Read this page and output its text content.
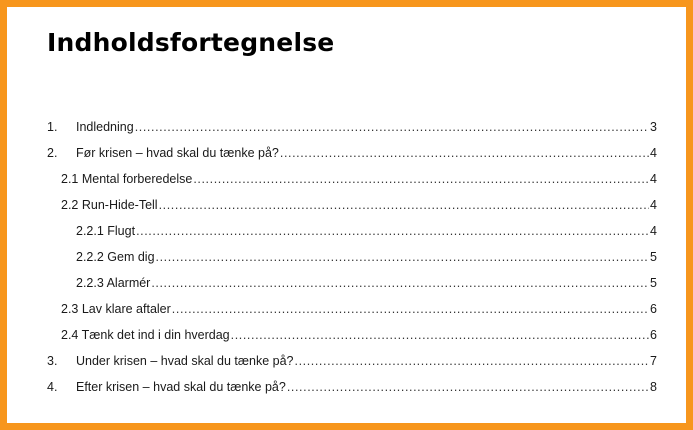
Indholdsfortegnelse
1.	Indledning .....	3
2.	Før krisen – hvad skal du tænke på? .....	4
2.1 Mental forberedelse .....	4
2.2 Run-Hide-Tell .....	4
2.2.1 Flugt .....	4
2.2.2 Gem dig .....	5
2.2.3 Alarmér .....	5
2.3 Lav klare aftaler .....	6
2.4 Tænk det ind i din hverdag .....	6
3.	Under krisen – hvad skal du tænke på? .....	7
4.	Efter krisen – hvad skal du tænke på? .....	8
